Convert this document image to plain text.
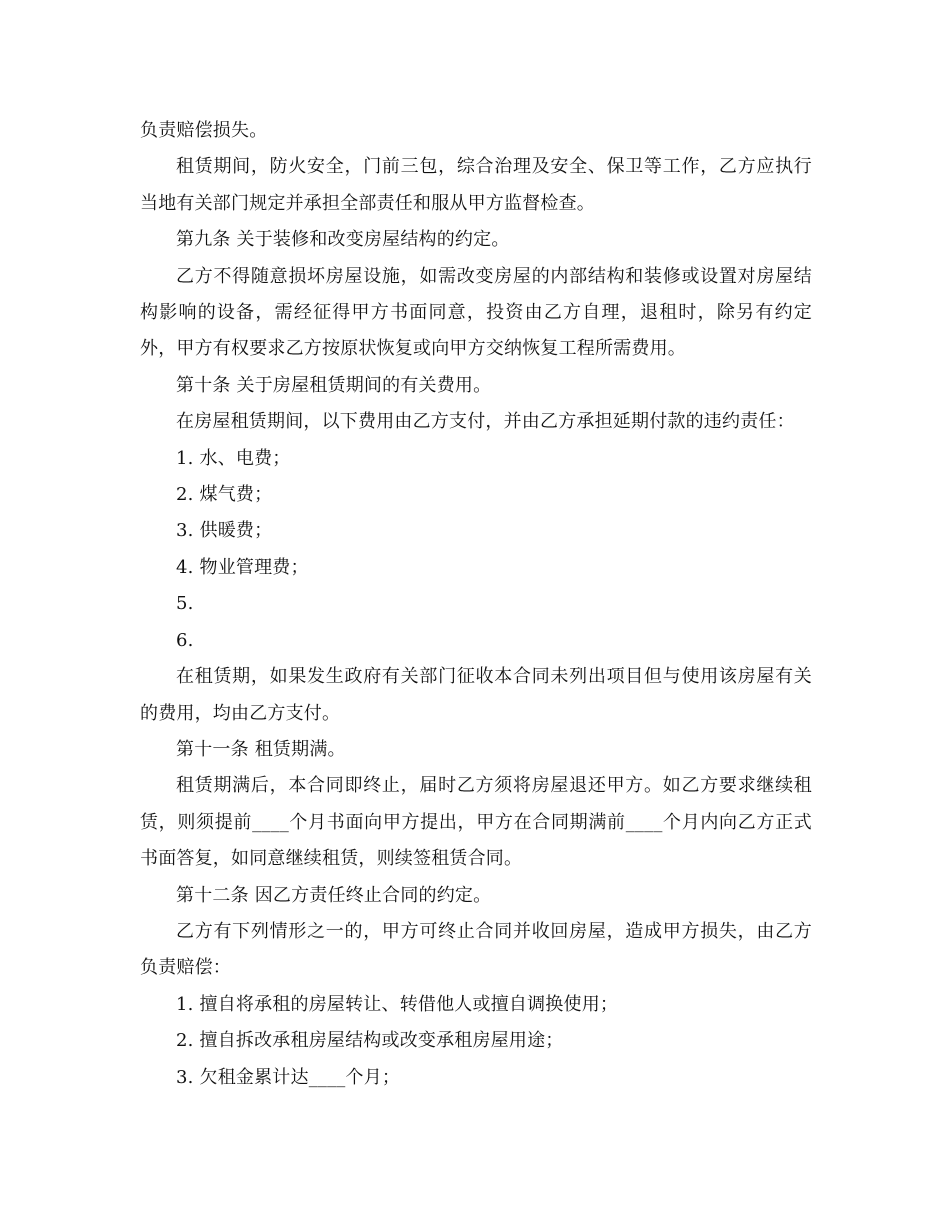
负责赔偿损失。

租赁期间，防火安全，门前三包，综合治理及安全、保卫等工作，乙方应执行当地有关部门规定并承担全部责任和服从甲方监督检查。

第九条 关于装修和改变房屋结构的约定。

乙方不得随意损坏房屋设施，如需改变房屋的内部结构和装修或设置对房屋结构影响的设备，需经征得甲方书面同意，投资由乙方自理，退租时，除另有约定外，甲方有权要求乙方按原状恢复或向甲方交纳恢复工程所需费用。

第十条 关于房屋租赁期间的有关费用。

在房屋租赁期间，以下费用由乙方支付，并由乙方承担延期付款的违约责任：

1. 水、电费；

2. 煤气费；

3. 供暖费；

4. 物业管理费；

5.

6.

在租赁期，如果发生政府有关部门征收本合同未列出项目但与使用该房屋有关的费用，均由乙方支付。

第十一条 租赁期满。

租赁期满后，本合同即终止，届时乙方须将房屋退还甲方。如乙方要求继续租赁，则须提前____个月书面向甲方提出，甲方在合同期满前____个月内向乙方正式书面答复，如同意继续租赁，则续签租赁合同。

第十二条 因乙方责任终止合同的约定。

乙方有下列情形之一的，甲方可终止合同并收回房屋，造成甲方损失，由乙方负责赔偿：

1. 擅自将承租的房屋转让、转借他人或擅自调换使用；

2. 擅自拆改承租房屋结构或改变承租房屋用途；

3. 欠租金累计达____个月；
